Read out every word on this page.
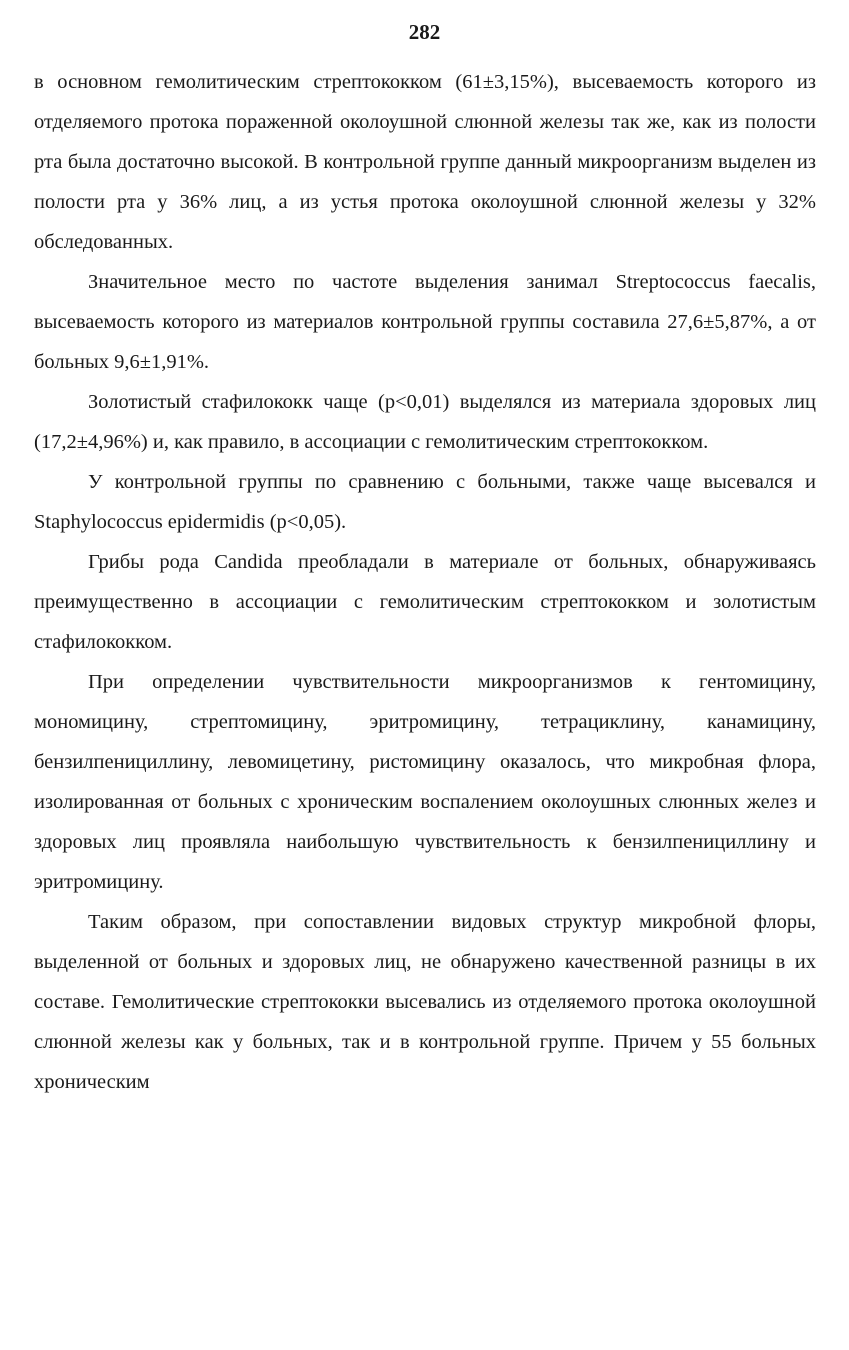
282

в основном гемолитическим стрептококком (61±3,15%), высеваемость которого из отделяемого протока пораженной околоушной слюнной железы так же, как из полости рта была достаточно высокой. В контрольной группе данный микроорганизм выделен из полости рта у 36% лиц, а из устья протока околоушной слюнной железы у 32% обследованных.

Значительное место по частоте выделения занимал Streptococcus faecalis, высеваемость которого из материалов контрольной группы составила 27,6±5,87%, а от больных 9,6±1,91%.

Золотистый стафилококк чаще (р<0,01) выделялся из материала здоровых лиц (17,2±4,96%) и, как правило, в ассоциации с гемолитическим стрептококком.

У контрольной группы по сравнению с больными, также чаще высевался и Staphylococcus epidermidis (р<0,05).

Грибы рода Candida преобладали в материале от больных, обнаруживаясь преимущественно в ассоциации с гемолитическим стрептококком и золотистым стафилококком.

При определении чувствительности микроорганизмов к гентомицину, мономицину, стрептомицину, эритромицину, тетрациклину, канамицину, бензилпенициллину, левомицетину, ристомицину оказалось, что микробная флора, изолированная от больных с хроническим воспалением околоушных слюнных желез и здоровых лиц проявляла наибольшую чувствительность к бензилпенициллину и эритромицину.

Таким образом, при сопоставлении видовых структур микробной флоры, выделенной от больных и здоровых лиц, не обнаружено качественной разницы в их составе. Гемолитические стрептококки высевались из отделяемого протока околоушной слюнной железы как у больных, так и в контрольной группе. Причем у 55 больных хроническим
